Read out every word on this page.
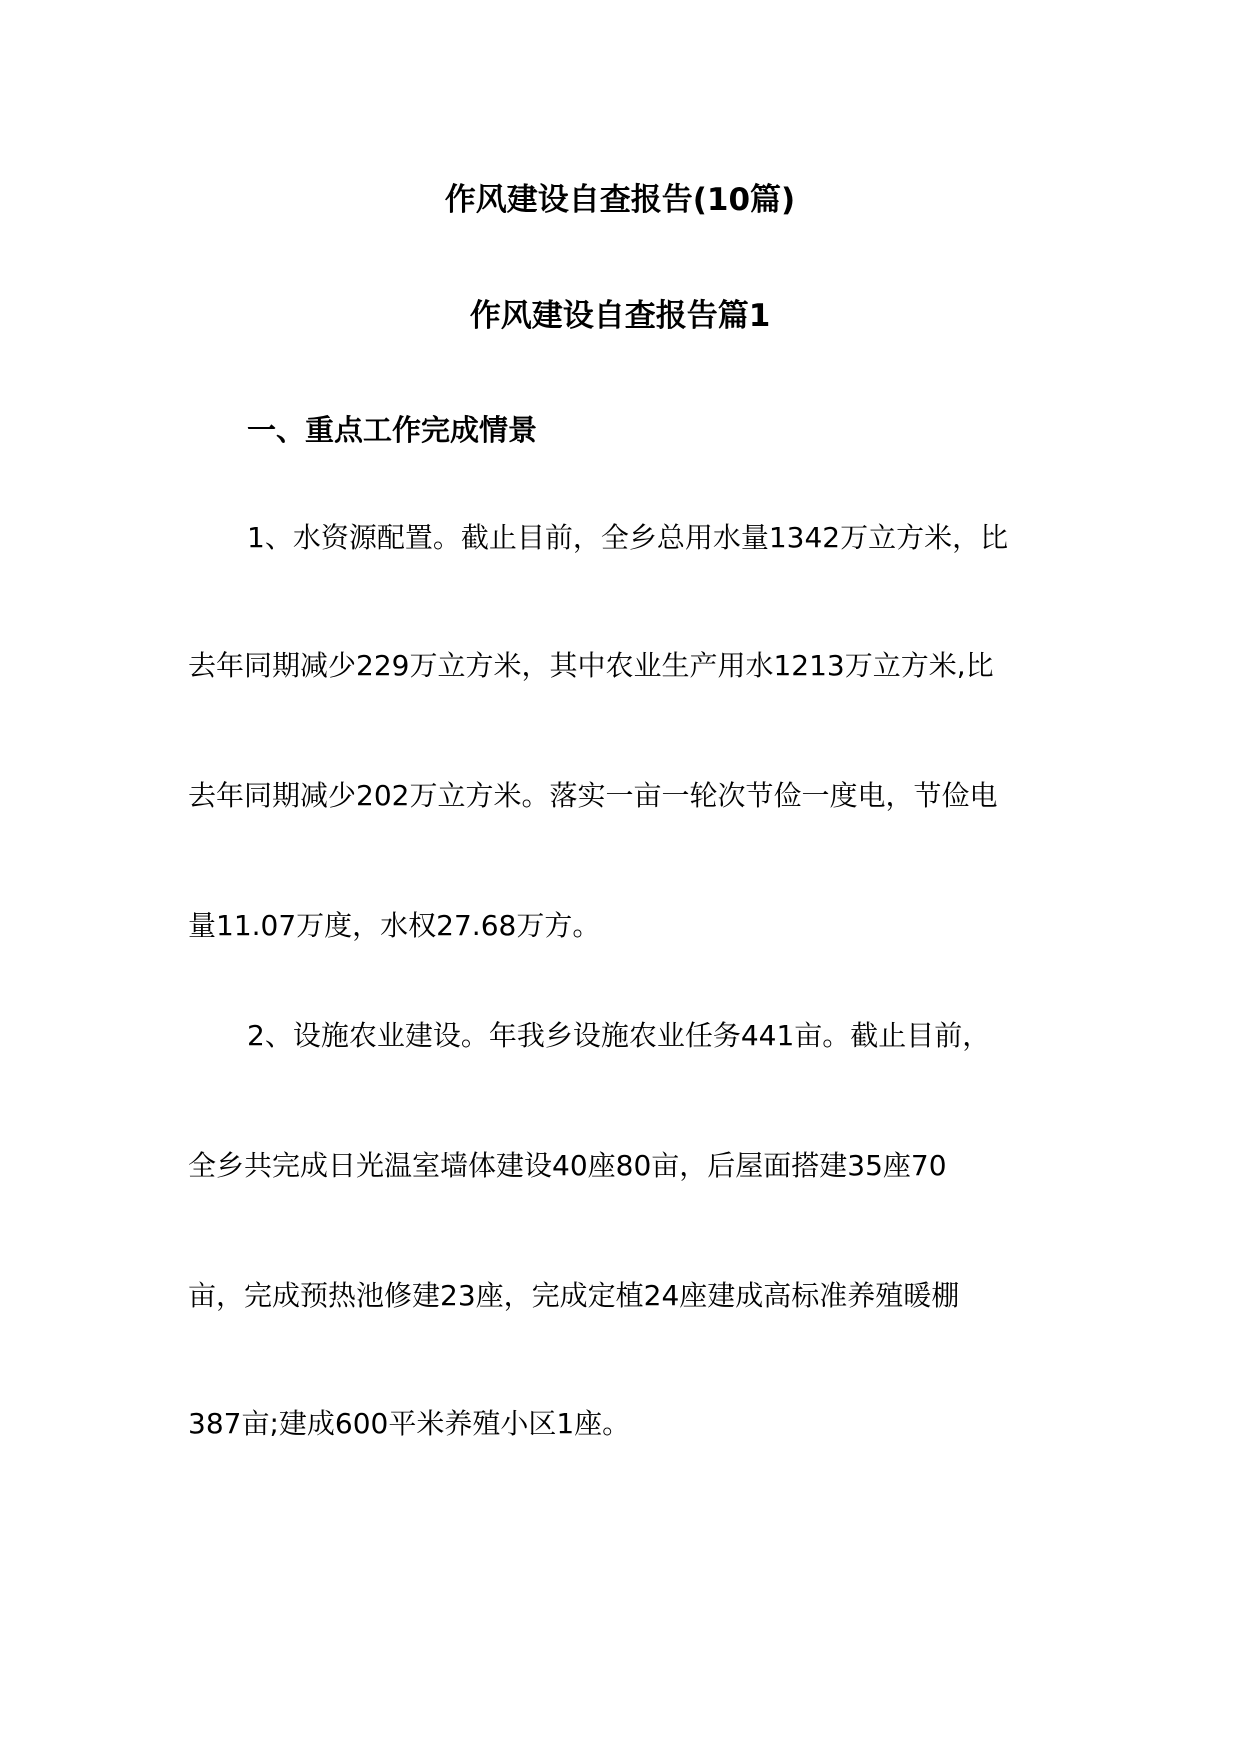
作风建设自查报告(10篇)
作风建设自查报告篇1
一、重点工作完成情景
1、水资源配置。截止目前，全乡总用水量1342万立方米，比
去年同期减少229万立方米，其中农业生产用水1213万立方米,比
去年同期减少202万立方米。落实一亩一轮次节俭一度电，节俭电
量11.07万度，水权27.68万方。
2、设施农业建设。年我乡设施农业任务441亩。截止目前，
全乡共完成日光温室墙体建设40座80亩，后屋面搭建35座70
亩，完成预热池修建23座，完成定植24座建成高标准养殖暖棚
387亩;建成600平米养殖小区1座。
